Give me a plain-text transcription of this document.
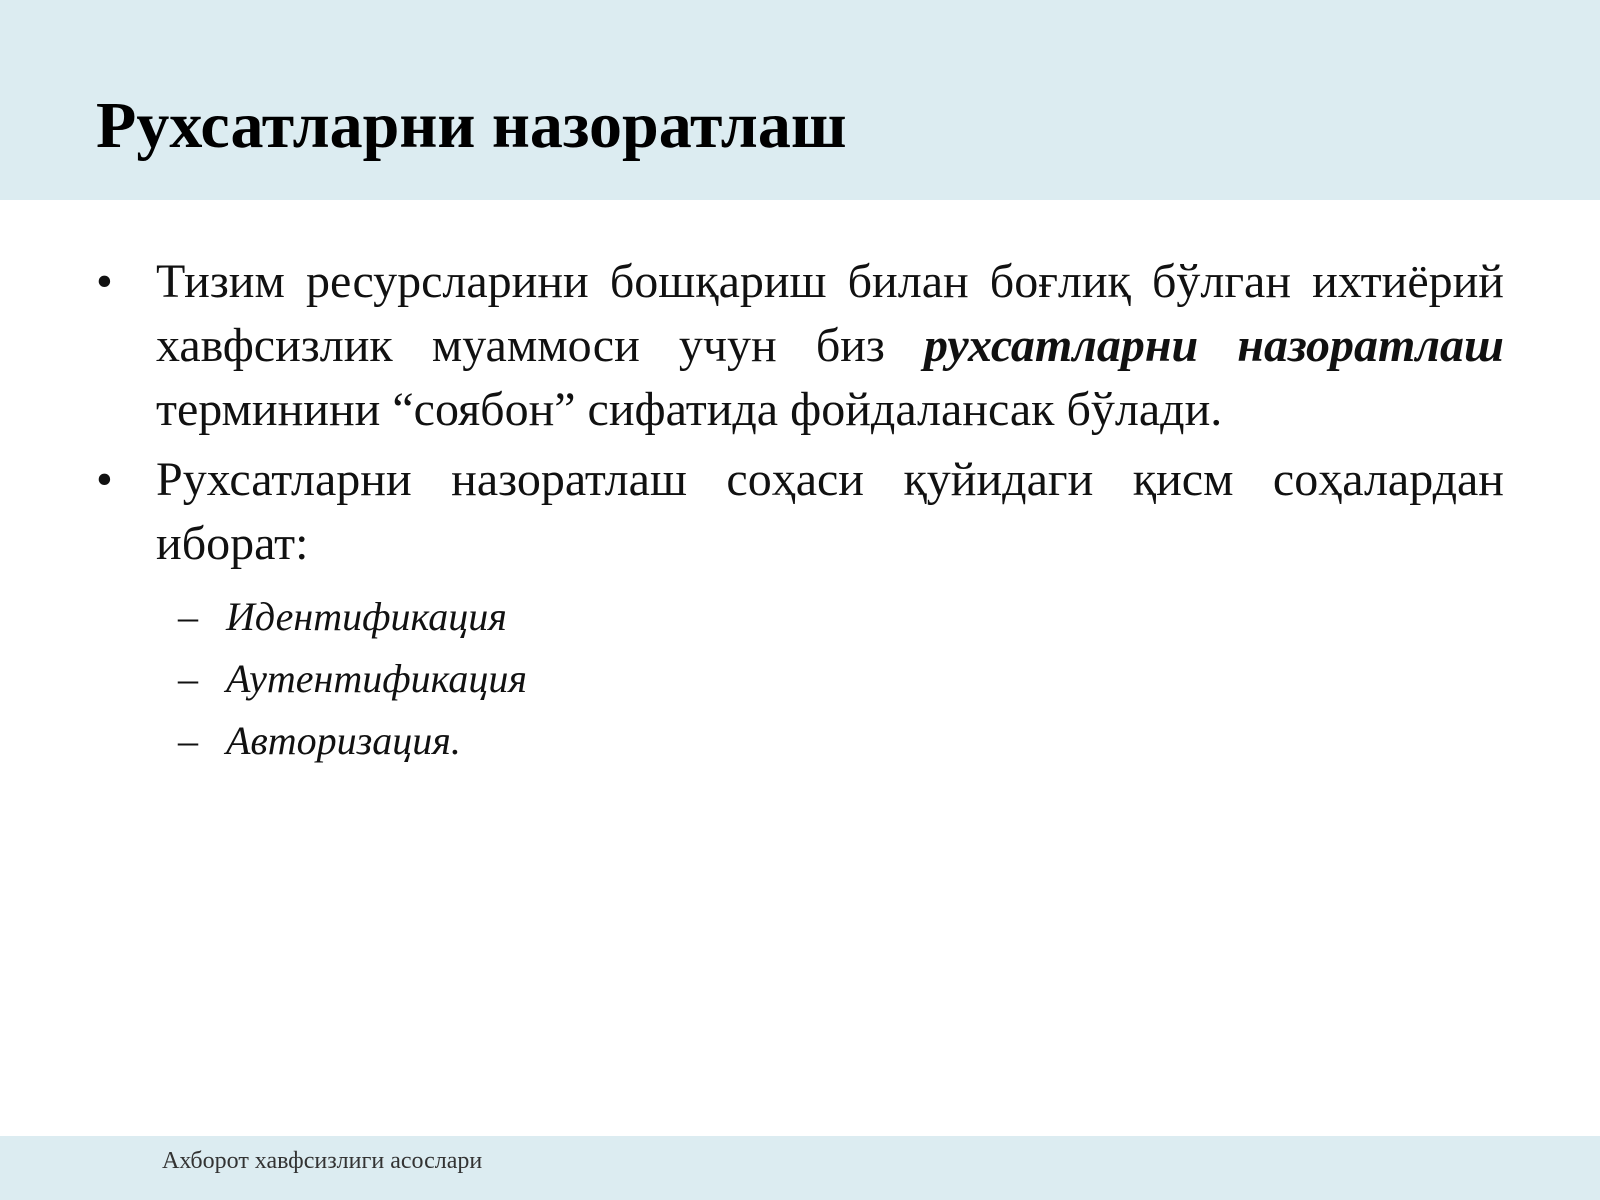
Рухсатларни назоратлаш
• Тизим ресурсларини бошқариш билан боғлиқ бўлган ихтиёрий хавфсизлик муаммоси учун биз рухсатларни назоратлаш терминини “соябон” сифатида фойдалансак бўлади.
• Рухсатларни назоратлаш соҳаси қуйидаги қисм соҳалардан иборат:
– Идентификация
– Аутентификация
– Авторизация.
Ахборот хавфсизлиги асослари
